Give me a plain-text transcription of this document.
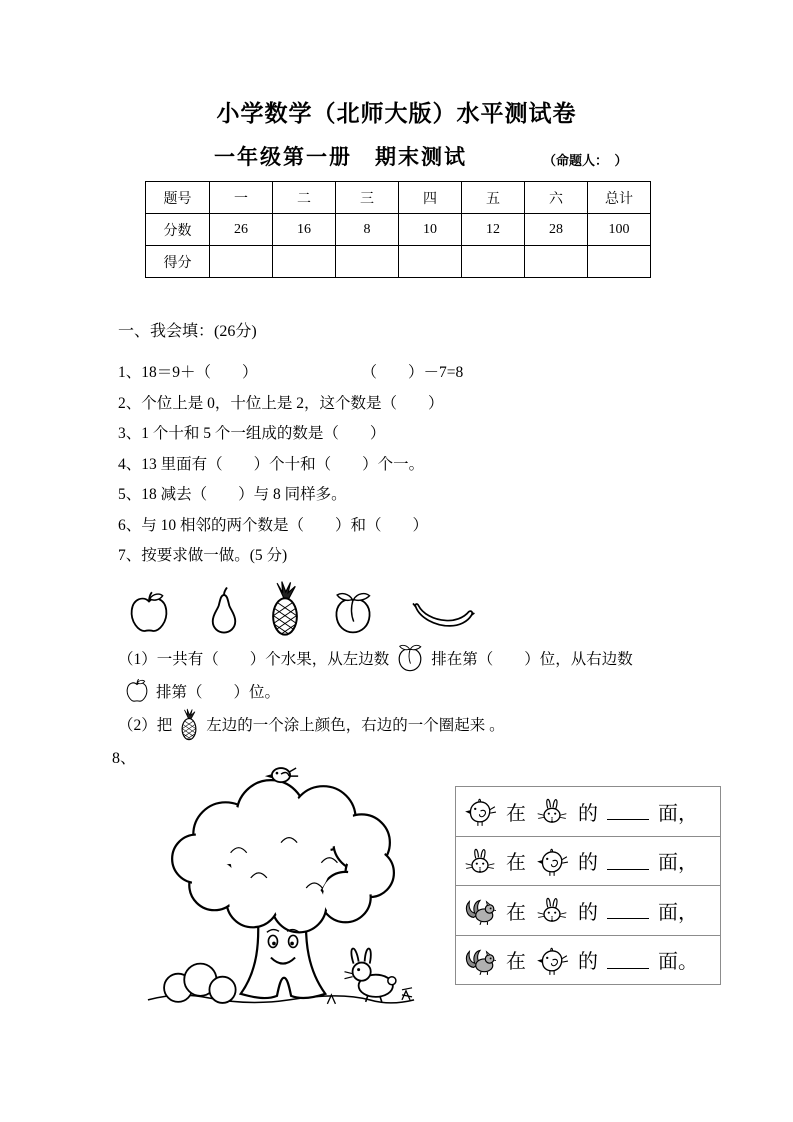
小学数学（北师大版）水平测试卷
一年级第一册　期末测试	（命题人：　）
题号	一	二	三	四	五	六	总计
分数	26	16	8	10	12	28	100
得分							
一、我会填：(26分)
1、18＝9＋（　　）	（　　）－7=8
2、个位上是 0，十位上是 2，这个数是（　　）
3、1 个十和 5 个一组成的数是（　　）
4、13 里面有（　　）个十和（　　）个一。
5、18 减去（　　）与 8 同样多。
6、与 10 相邻的两个数是（　　）和（　　）
7、按要求做一做。(5 分)
（1）一共有（　　）个水果，从左边数	排在第（　　）位，从右边数
排第（　　）位。
（2）把 左边的一个涂上颜色，右边的一个圈起来 。
8、
在	的	面，
在	的	面，
在	的	面，
在	的	面。
